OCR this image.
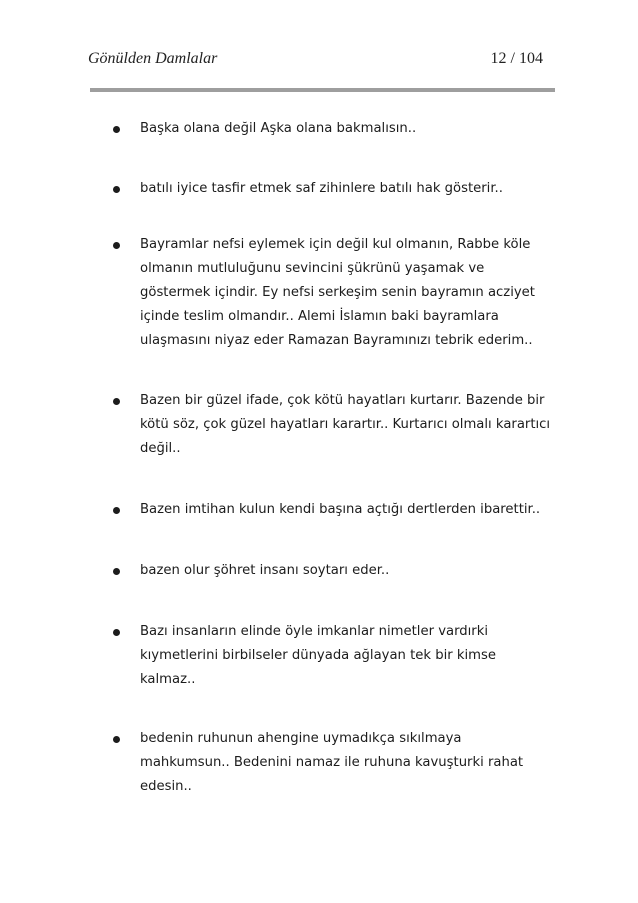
Gönülden Damlalar	12 / 104
Başka olana değil Aşka olana bakmalısın..
batılı iyice tasfir etmek saf zihinlere batılı hak gösterir..
Bayramlar nefsi eylemek için değil kul olmanın, Rabbe köle
olmanın mutluluğunu sevincini şükrünü yaşamak ve
göstermek içindir. Ey nefsi serkeşim senin bayramın acziyet
içinde teslim olmandır.. Alemi İslamın baki bayramlara
ulaşmasını niyaz eder Ramazan Bayramınızı tebrik ederim..
Bazen bir güzel ifade, çok kötü hayatları kurtarır. Bazende bir
kötü söz, çok güzel hayatları karartır.. Kurtarıcı olmalı karartıcı
değil..
Bazen imtihan kulun kendi başına açtığı dertlerden ibarettir..
bazen olur şöhret insanı soytarı eder..
Bazı insanların elinde öyle imkanlar nimetler vardırki
kıymetlerini birbilseler dünyada ağlayan tek bir kimse
kalmaz..
bedenin ruhunun ahengine uymadıkça sıkılmaya
mahkumsun.. Bedenini namaz ile ruhuna kavuşturki rahat
edesin..
